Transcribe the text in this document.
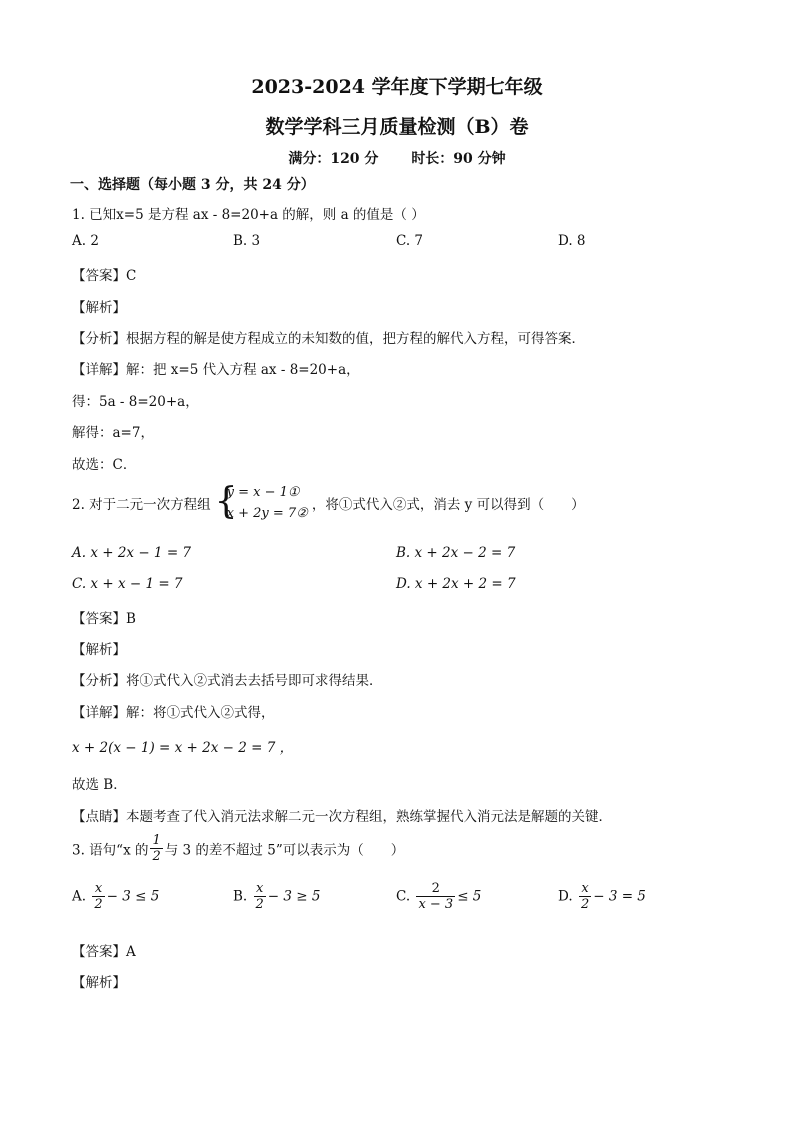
2023-2024 学年度下学期七年级
数学学科三月质量检测（B）卷
满分：120 分 时长：90 分钟
一、选择题（每小题 3 分，共 24 分）
1. 已知x=5 是方程 ax - 8=20+a 的解，则 a 的值是（ ）
A. 2	B. 3	C. 7	D. 8
【答案】C
【解析】
【分析】根据方程的解是使方程成立的未知数的值，把方程的解代入方程，可得答案．
【详解】解：把 x=5 代入方程 ax - 8=20+a，
得：5a - 8=20+a，
解得：a=7，
故选：C．
2. 对于二元一次方程组 {
y = x − 1①
x + 2y = 7②
，将①式代入②式，消去 y 可以得到（　　）
A. x + 2x − 1 = 7	B. x + 2x − 2 = 7
C. x + x − 1 = 7	D. x + 2x + 2 = 7
【答案】B
【解析】
【分析】将①式代入②式消去去括号即可求得结果．
【详解】解：将①式代入②式得，
x + 2(x − 1) = x + 2x − 2 = 7 ，
故选 B．
【点睛】本题考查了代入消元法求解二元一次方程组，熟练掌握代入消元法是解题的关键．
3. 语句“x 的 $\frac{1}{2}$ 与 3 的差不超过 5”可以表示为（　　）
A. $\frac{x}{2} - 3 \le 5$	B. $\frac{x}{2} - 3 \ge 5$	C. $\frac{2}{x - 3} \le 5$	D. $\frac{x}{2} - 3 = 5$
【答案】A
【解析】
